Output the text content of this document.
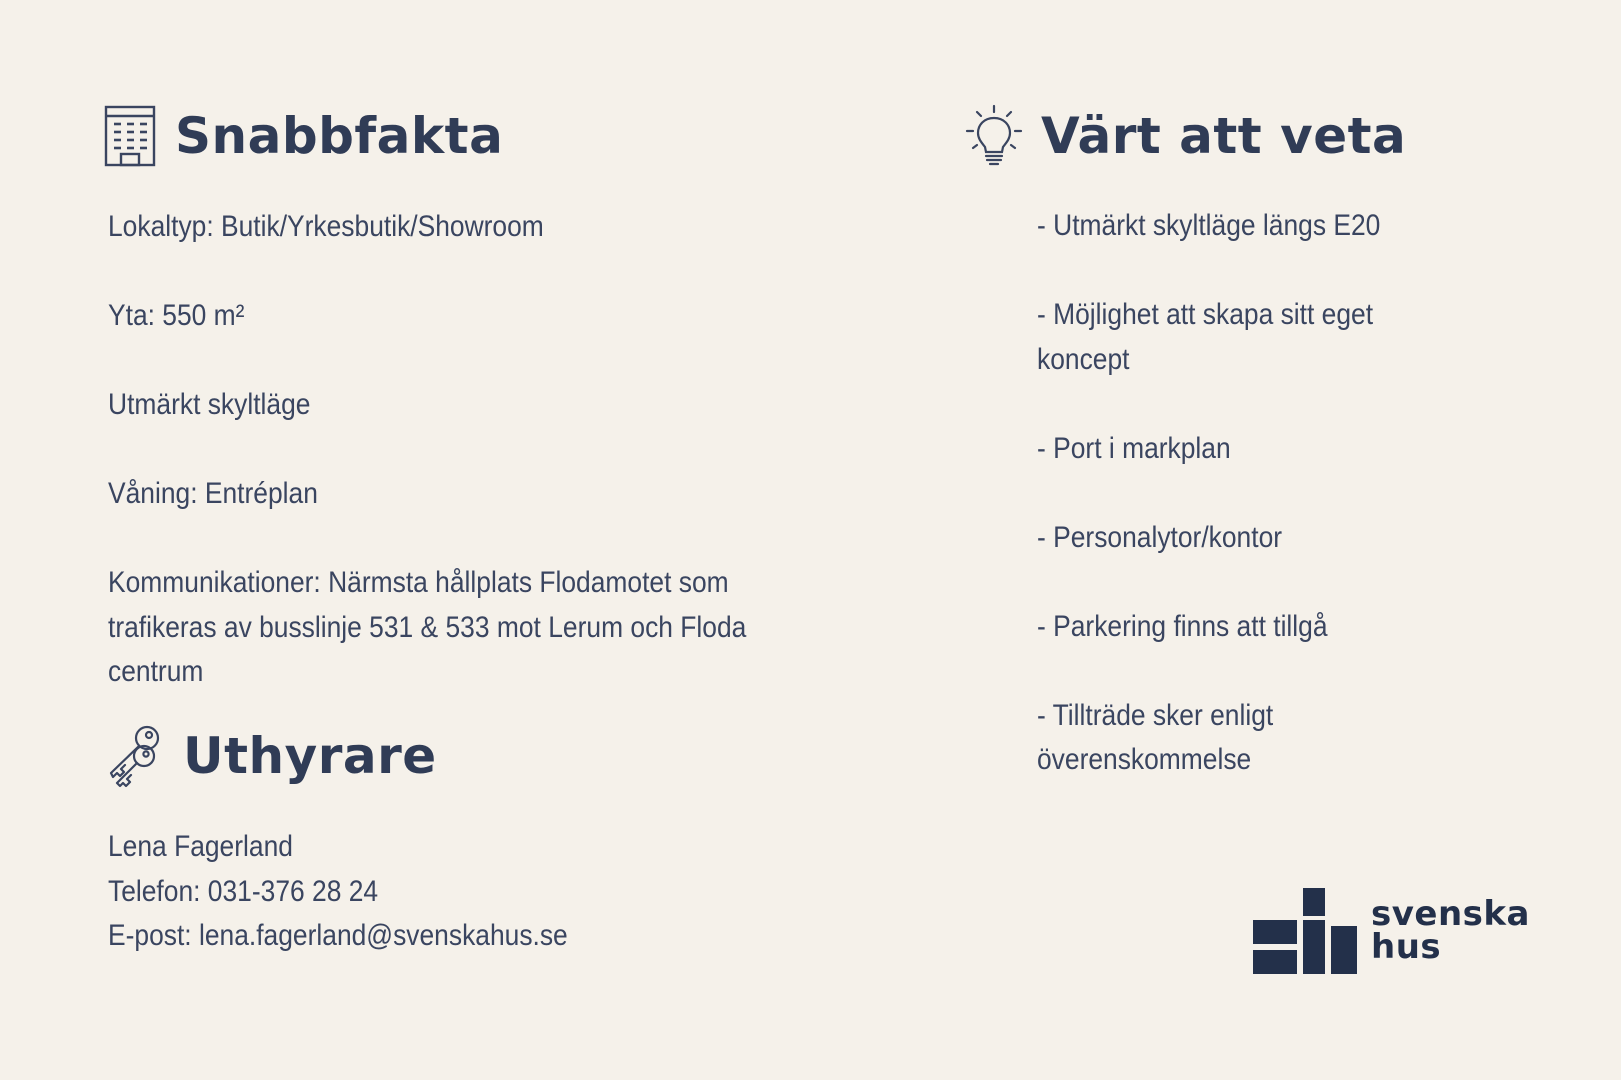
Snabbfakta

Lokaltyp: Butik/Yrkesbutik/Showroom

Yta: 550 m²

Utmärkt skyltläge

Våning: Entréplan

Kommunikationer: Närmsta hållplats Flodamotet som

trafikeras av busslinje 531 & 533 mot Lerum och Floda

centrum

Uthyrare

Lena Fagerland

Telefon: 031-376 28 24

E-post: lena.fagerland@svenskahus.se

Värt att veta

- Utmärkt skyltläge längs E20

- Möjlighet att skapa sitt eget

koncept

- Port i markplan

- Personalytor/kontor

- Parkering finns att tillgå

- Tillträde sker enligt

överenskommelse

svenska
hus
